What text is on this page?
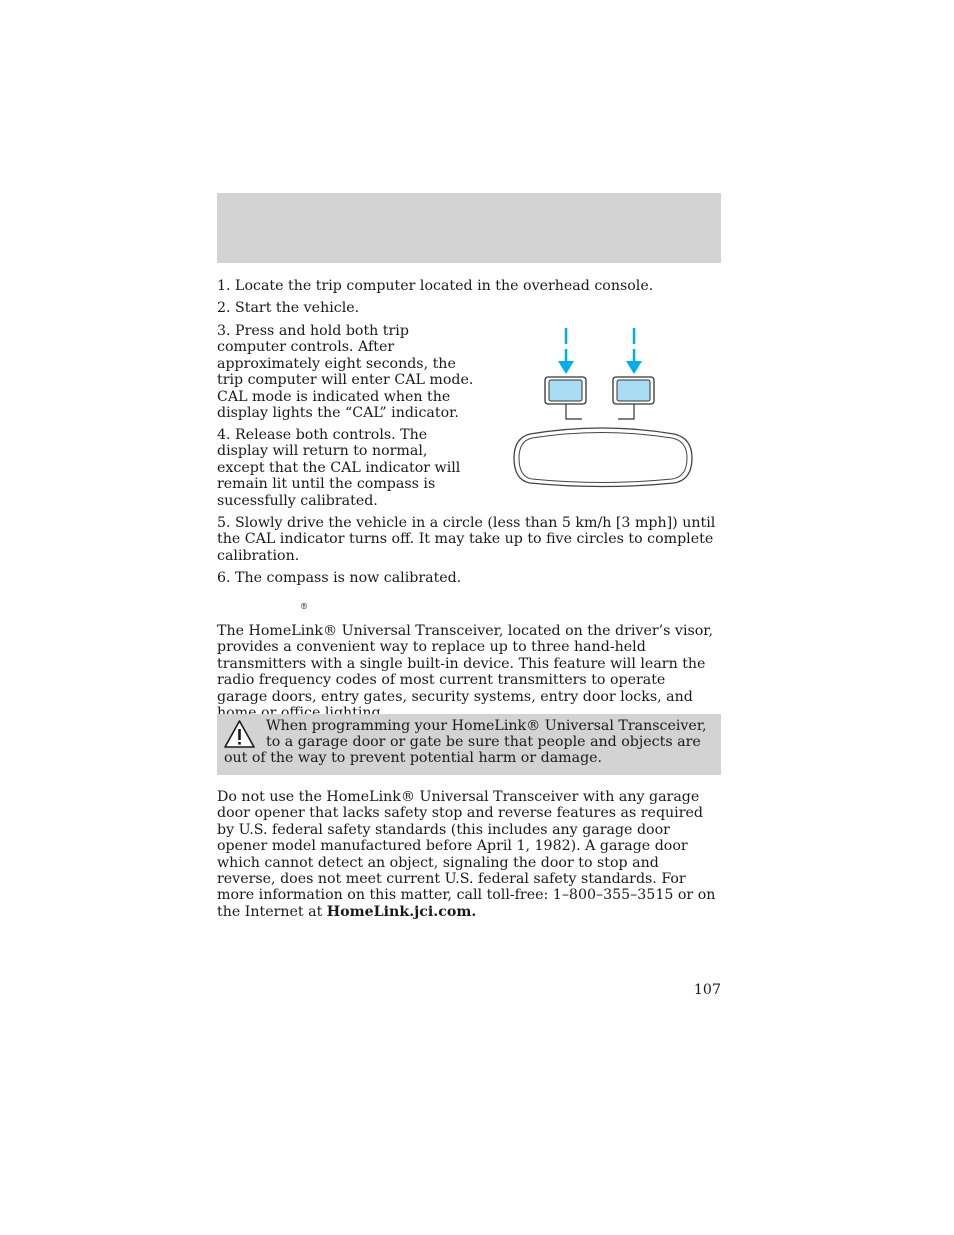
1. Locate the trip computer located in the overhead console.

2. Start the vehicle.

3. Press and hold both trip computer controls. After approximately eight seconds, the trip computer will enter CAL mode. CAL mode is indicated when the display lights the “CAL” indicator.

4. Release both controls. The display will return to normal, except that the CAL indicator will remain lit until the compass is sucessfully calibrated.

5. Slowly drive the vehicle in a circle (less than 5 km/h [3 mph]) until the CAL indicator turns off. It may take up to five circles to complete calibration.

6. The compass is now calibrated.

®

The HomeLink® Universal Transceiver, located on the driver’s visor, provides a convenient way to replace up to three hand-held transmitters with a single built-in device. This feature will learn the radio frequency codes of most current transmitters to operate garage doors, entry gates, security systems, entry door locks, and

When programming your HomeLink® Universal Transceiver, to a garage door or gate be sure that people and objects are out of the way to prevent potential harm or damage.

Do not use the HomeLink® Universal Transceiver with any garage door opener that lacks safety stop and reverse features as required by U.S. federal safety standards (this includes any garage door opener model manufactured before April 1, 1982). A garage door which cannot detect an object, signaling the door to stop and reverse, does not meet current U.S. federal safety standards. For more information on this matter, call toll-free: 1–800–355–3515 or on the Internet at HomeLink.jci.com.

107
